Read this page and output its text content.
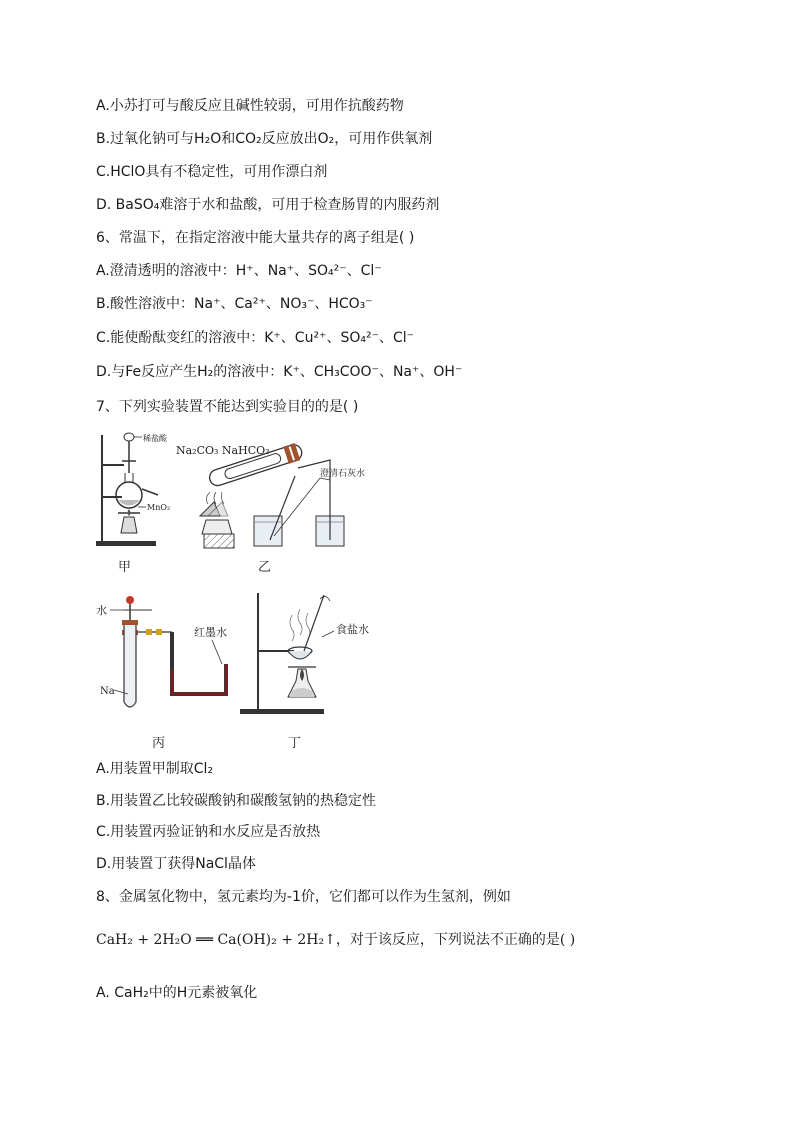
A.小苏打可与酸反应且碱性较弱，可用作抗酸药物
B.过氧化钠可与H₂O和CO₂反应放出O₂，可用作供氧剂
C.HClO具有不稳定性，可用作漂白剂
D. BaSO₄难溶于水和盐酸，可用于检查肠胃的内服药剂
6、常温下，在指定溶液中能大量共存的离子组是( )
A.澄清透明的溶液中：H⁺、Na⁺、SO₄²⁻、Cl⁻
B.酸性溶液中：Na⁺、Ca²⁺、NO₃⁻、HCO₃⁻
C.能使酚酞变红的溶液中：K⁺、Cu²⁺、SO₄²⁻、Cl⁻
D.与Fe反应产生H₂的溶液中：K⁺、CH₃COO⁻、Na⁺、OH⁻
7、下列实验装置不能达到实验目的的是( )
稀盐酸
MnO₂
甲
Na₂CO₃ NaHCO₃
澄清石灰水
乙
水
Na
红墨水
丙
食盐水
丁
A.用装置甲制取Cl₂
B.用装置乙比较碳酸钠和碳酸氢钠的热稳定性
C.用装置丙验证钠和水反应是否放热
D.用装置丁获得NaCl晶体
8、金属氢化物中，氢元素均为-1价，它们都可以作为生氢剂，例如
CaH₂ + 2H₂O ══ Ca(OH)₂ + 2H₂↑，对于该反应，下列说法不正确的是( )
A. CaH₂中的H元素被氧化
